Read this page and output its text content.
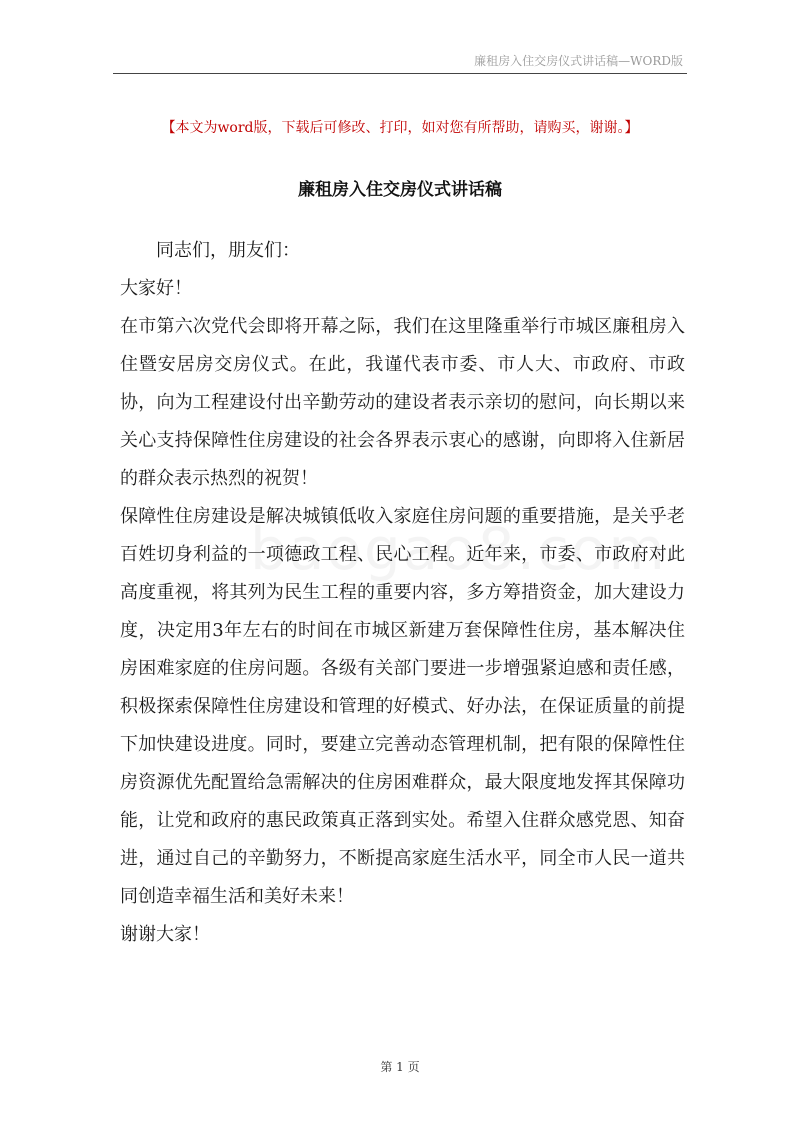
廉租房入住交房仪式讲话稿—WORD版
【本文为word版，下载后可修改、打印，如对您有所帮助，请购买，谢谢。】
廉租房入住交房仪式讲话稿

同志们，朋友们：

大家好！

在市第六次党代会即将开幕之际，我们在这里隆重举行市城区廉租房入住暨安居房交房仪式。在此，我谨代表市委、市人大、市政府、市政协，向为工程建设付出辛勤劳动的建设者表示亲切的慰问，向长期以来关心支持保障性住房建设的社会各界表示衷心的感谢，向即将入住新居的群众表示热烈的祝贺！

保障性住房建设是解决城镇低收入家庭住房问题的重要措施，是关乎老百姓切身利益的一项德政工程、民心工程。近年来，市委、市政府对此高度重视，将其列为民生工程的重要内容，多方筹措资金，加大建设力度，决定用3年左右的时间在市城区新建万套保障性住房，基本解决住房困难家庭的住房问题。各级有关部门要进一步增强紧迫感和责任感，积极探索保障性住房建设和管理的好模式、好办法，在保证质量的前提下加快建设进度。同时，要建立完善动态管理机制，把有限的保障性住房资源优先配置给急需解决的住房困难群众，最大限度地发挥其保障功能，让党和政府的惠民政策真正落到实处。希望入住群众感党恩、知奋进，通过自己的辛勤努力，不断提高家庭生活水平，同全市人民一道共同创造幸福生活和美好未来！

谢谢大家！

第 1 页
